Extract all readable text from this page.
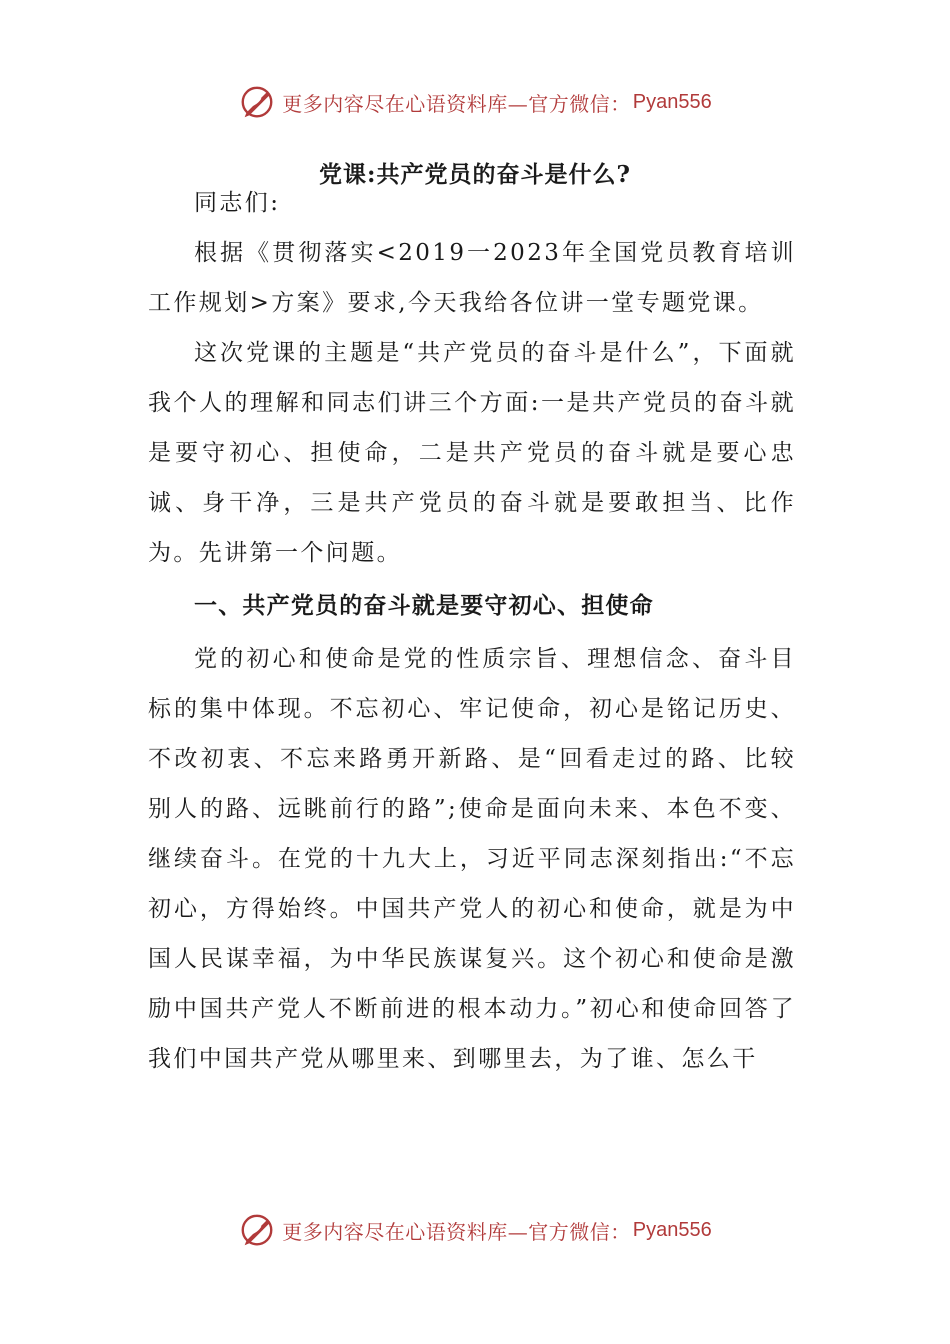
更多内容尽在心语资料库—官方微信： Pyan556
党课:共产党员的奋斗是什么?

同志们:

根据《贯彻落实<2019一2023年全国党员教育培训工作规划>方案》要求,今天我给各位讲一堂专题党课。

这次党课的主题是“共产党员的奋斗是什么”，下面就我个人的理解和同志们讲三个方面:一是共产党员的奋斗就是要守初心、担使命，二是共产党员的奋斗就是要心忠诚、身干净，三是共产党员的奋斗就是要敢担当、比作为。先讲第一个问题。

一、共产党员的奋斗就是要守初心、担使命

党的初心和使命是党的性质宗旨、理想信念、奋斗目标的集中体现。不忘初心、牢记使命，初心是铭记历史、不改初衷、不忘来路勇开新路、是“回看走过的路、比较别人的路、远眺前行的路”;使命是面向未来、本色不变、继续奋斗。在党的十九大上，习近平同志深刻指出:“不忘初心，方得始终。中国共产党人的初心和使命，就是为中国人民谋幸福，为中华民族谋复兴。这个初心和使命是激励中国共产党人不断前进的根本动力。”初心和使命回答了我们中国共产党从哪里来、到哪里去，为了谁、怎么干

更多内容尽在心语资料库—官方微信： Pyan556
